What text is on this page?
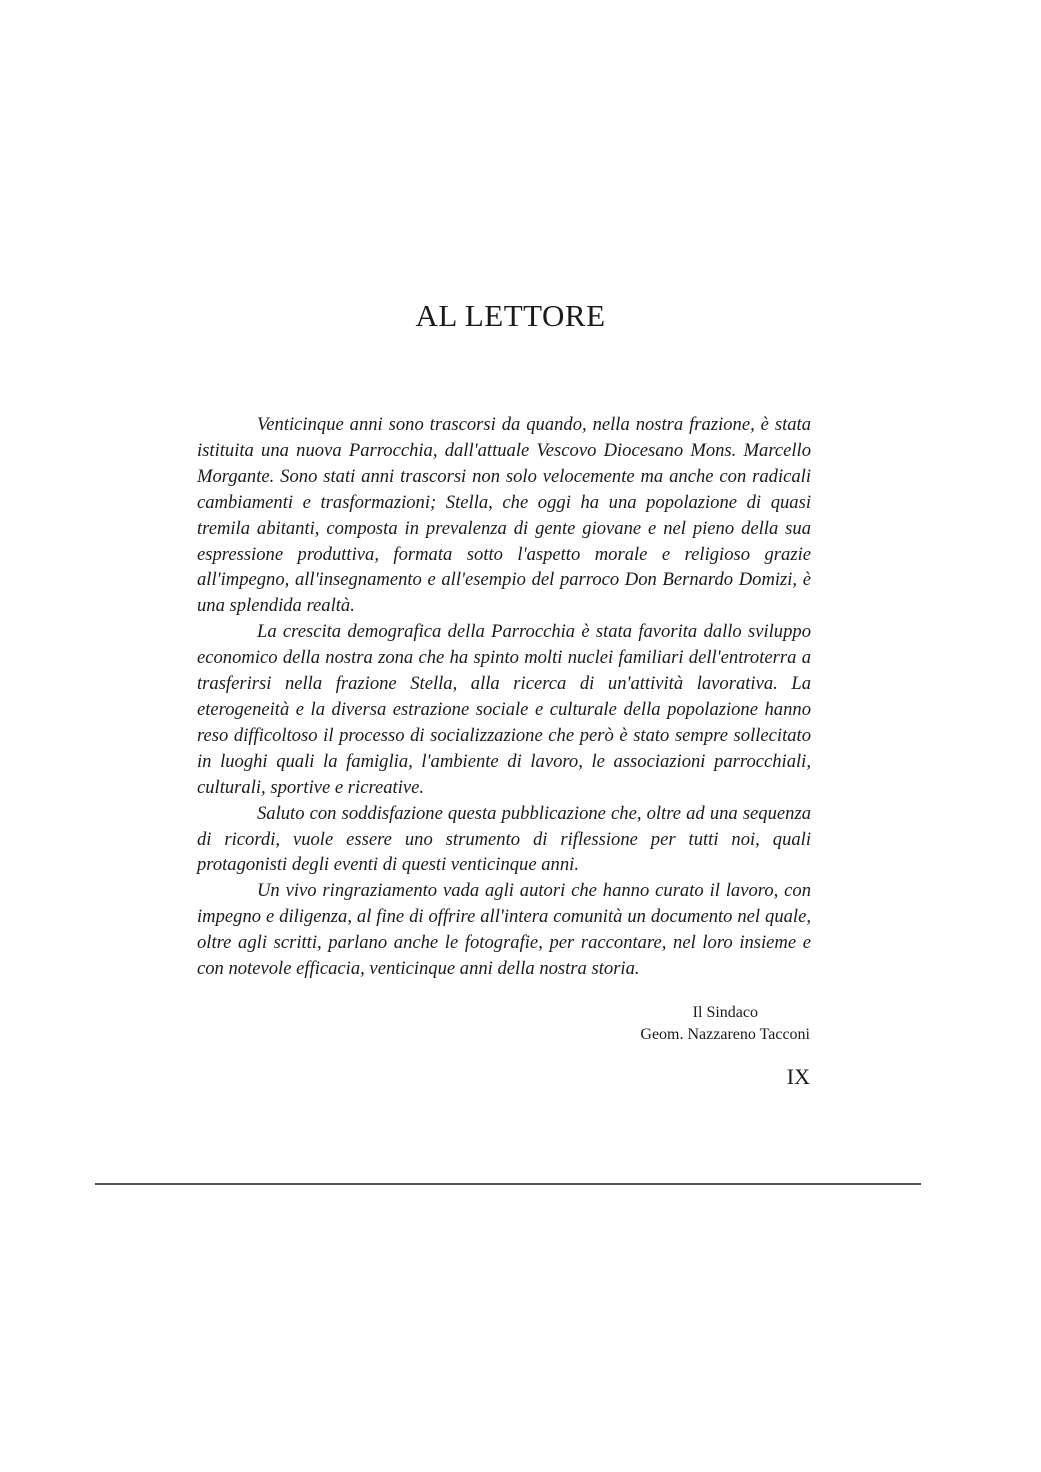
AL LETTORE

Venticinque anni sono trascorsi da quando, nella nostra frazione, è stata istituita una nuova Parrocchia, dall'attuale Vescovo Diocesano Mons. Marcello Morgante. Sono stati anni trascorsi non solo velocemente ma anche con radicali cambiamenti e trasformazioni; Stella, che oggi ha una popolazione di quasi tremila abitanti, composta in prevalenza di gente giovane e nel pieno della sua espressione produttiva, formata sotto l'aspetto morale e religioso grazie all'impegno, all'insegnamento e all'esempio del parroco Don Bernardo Domizi, è una splendida realtà.

La crescita demografica della Parrocchia è stata favorita dallo sviluppo economico della nostra zona che ha spinto molti nuclei familiari dell'entroterra a trasferirsi nella frazione Stella, alla ricerca di un'attività lavorativa. La eterogeneità e la diversa estrazione sociale e culturale della popolazione hanno reso difficoltoso il processo di socializzazione che però è stato sempre sollecitato in luoghi quali la famiglia, l'ambiente di lavoro, le associazioni parrocchiali, culturali, sportive e ricreative.

Saluto con soddisfazione questa pubblicazione che, oltre ad una sequenza di ricordi, vuole essere uno strumento di riflessione per tutti noi, quali protagonisti degli eventi di questi venticinque anni.

Un vivo ringraziamento vada agli autori che hanno curato il lavoro, con impegno e diligenza, al fine di offrire all'intera comunità un documento nel quale, oltre agli scritti, parlano anche le fotografie, per raccontare, nel loro insieme e con notevole efficacia, venticinque anni della nostra storia.

Il Sindaco
Geom. Nazzareno Tacconi
IX
